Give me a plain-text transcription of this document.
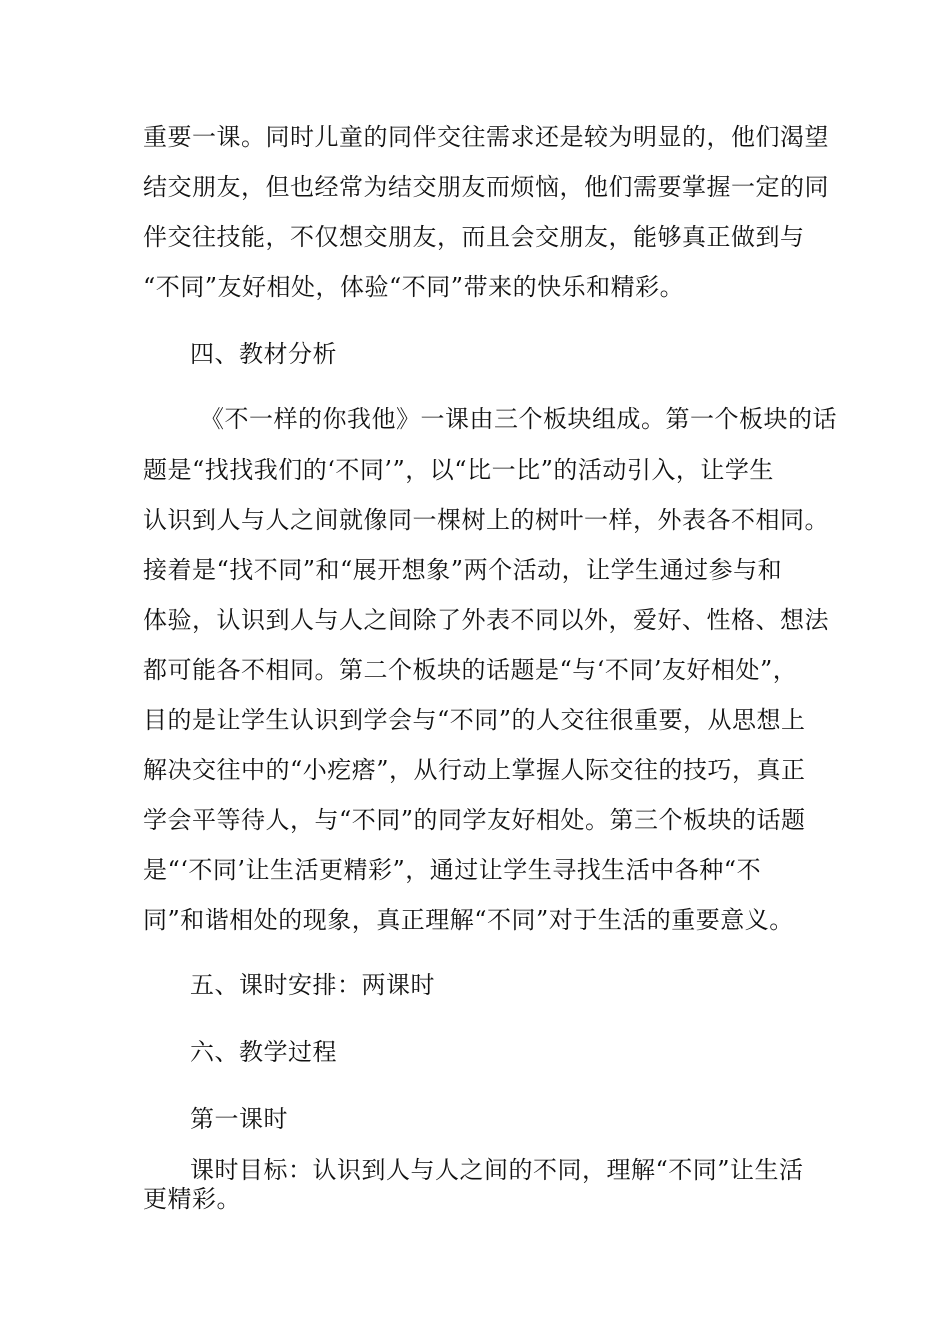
重要一课。同时儿童的同伴交往需求还是较为明显的，他们渴望
结交朋友，但也经常为结交朋友而烦恼，他们需要掌握一定的同
伴交往技能，不仅想交朋友，而且会交朋友，能够真正做到与
“不同”友好相处，体验“不同”带来的快乐和精彩。
四、教材分析
《不一样的你我他》一课由三个板块组成。第一个板块的话
题是“找找我们的‘不同’”，以“比一比”的活动引入，让学生
认识到人与人之间就像同一棵树上的树叶一样，外表各不相同。
接着是“找不同”和“展开想象”两个活动，让学生通过参与和
体验，认识到人与人之间除了外表不同以外，爱好、性格、想法
都可能各不相同。第二个板块的话题是“与‘不同’友好相处”，
目的是让学生认识到学会与“不同”的人交往很重要，从思想上
解决交往中的“小疙瘩”，从行动上掌握人际交往的技巧，真正
学会平等待人，与“不同”的同学友好相处。第三个板块的话题
是“‘不同’让生活更精彩”，通过让学生寻找生活中各种“不
同”和谐相处的现象，真正理解“不同”对于生活的重要意义。
五、课时安排：两课时
六、教学过程
第一课时
课时目标：认识到人与人之间的不同，理解“不同”让生活
更精彩。
